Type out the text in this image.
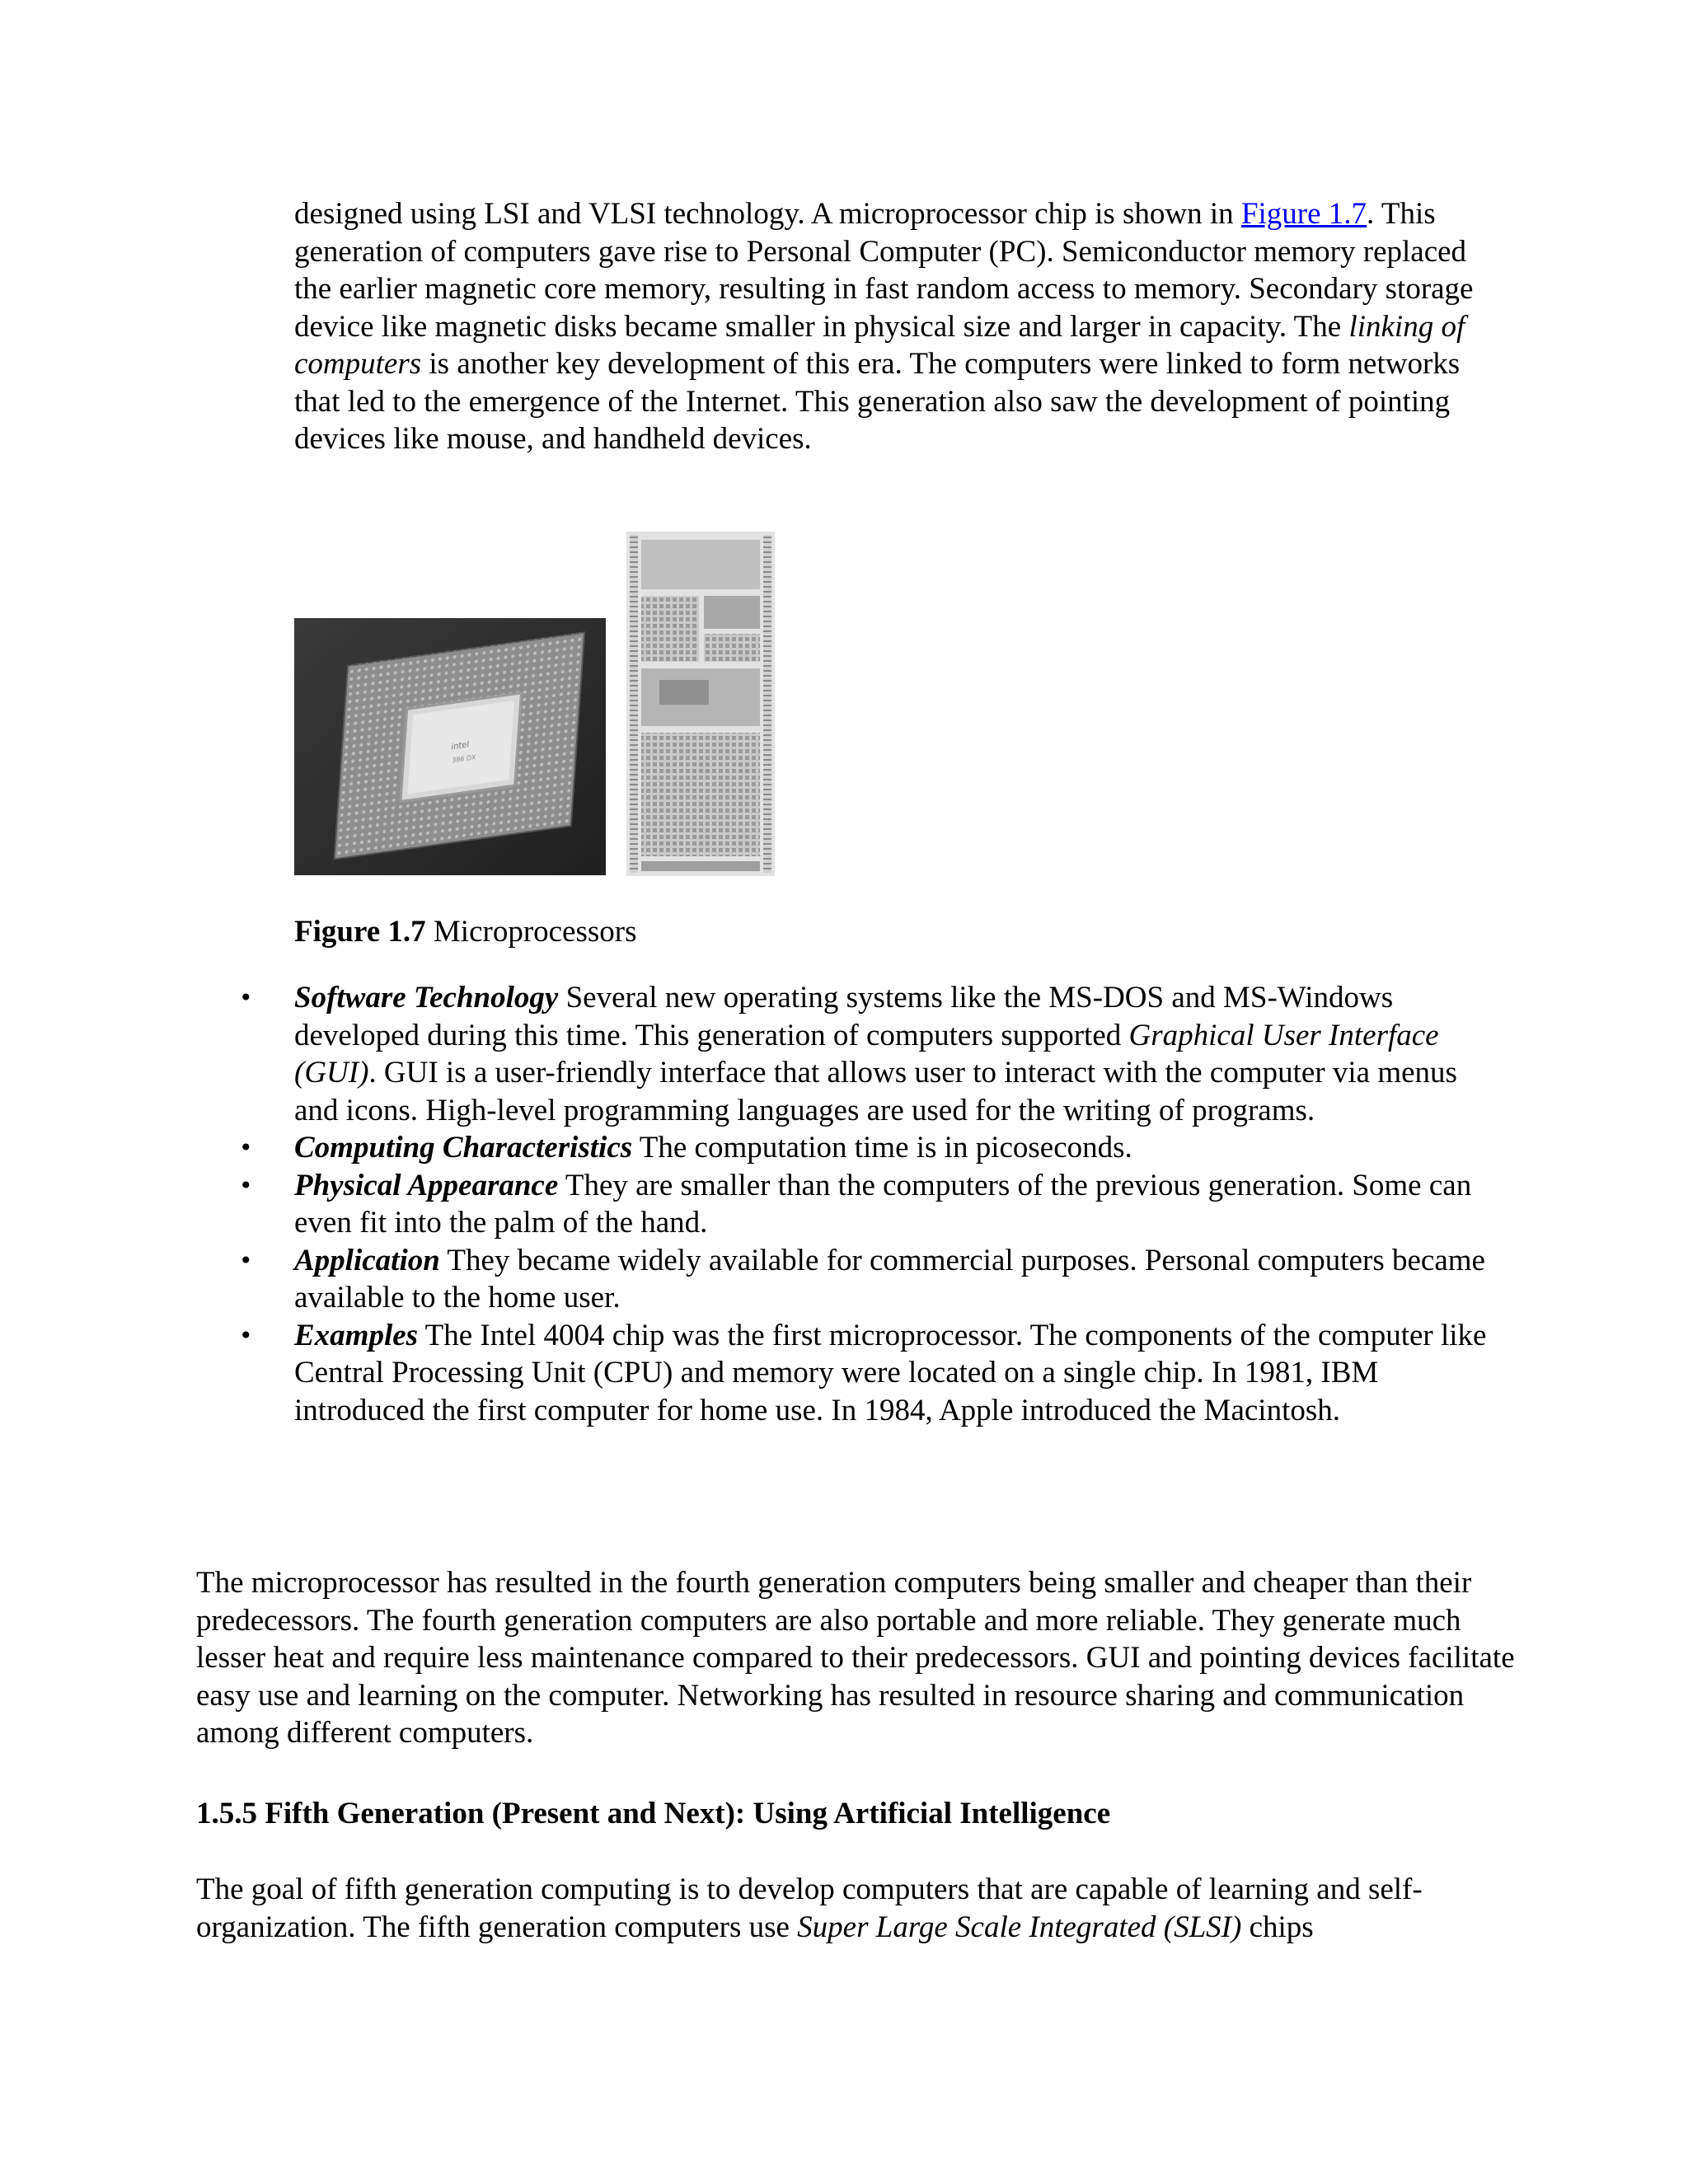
designed using LSI and VLSI technology. A microprocessor chip is shown in Figure 1.7. This generation of computers gave rise to Personal Computer (PC). Semiconductor memory replaced the earlier magnetic core memory, resulting in fast random access to memory. Secondary storage device like magnetic disks became smaller in physical size and larger in capacity. The linking of computers is another key development of this era. The computers were linked to form networks that led to the emergence of the Internet. This generation also saw the development of pointing devices like mouse, and handheld devices.

intel
386 DX

Figure 1.7 Microprocessors

•	Software Technology Several new operating systems like the MS-DOS and MS-Windows developed during this time. This generation of computers supported Graphical User Interface (GUI). GUI is a user-friendly interface that allows user to interact with the computer via menus and icons. High-level programming languages are used for the writing of programs.
•	Computing Characteristics The computation time is in picoseconds.
•	Physical Appearance They are smaller than the computers of the previous generation. Some can even fit into the palm of the hand.
•	Application They became widely available for commercial purposes. Personal computers became available to the home user.
•	Examples The Intel 4004 chip was the first microprocessor. The components of the computer like Central Processing Unit (CPU) and memory were located on a single chip. In 1981, IBM introduced the first computer for home use. In 1984, Apple introduced the Macintosh.

The microprocessor has resulted in the fourth generation computers being smaller and cheaper than their predecessors. The fourth generation computers are also portable and more reliable. They generate much lesser heat and require less maintenance compared to their predecessors. GUI and pointing devices facilitate easy use and learning on the computer. Networking has resulted in resource sharing and communication among different computers.

1.5.5 Fifth Generation (Present and Next): Using Artificial Intelligence

The goal of fifth generation computing is to develop computers that are capable of learning and self-organization. The fifth generation computers use Super Large Scale Integrated (SLSI) chips
